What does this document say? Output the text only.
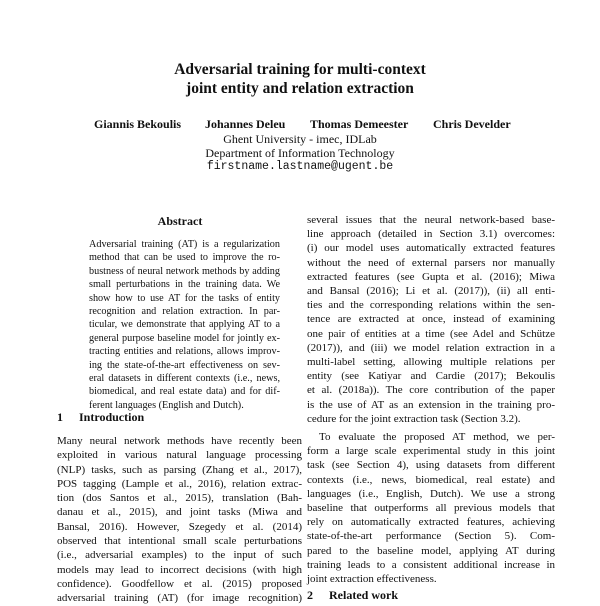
Adversarial training for multi-context
joint entity and relation extraction
Giannis Bekoulis Johannes Deleu Thomas Demeester Chris Develder
Ghent University - imec, IDLab
Department of Information Technology
firstname.lastname@ugent.be
Abstract
Adversarial training (AT) is a regularization
method that can be used to improve the ro-
bustness of neural network methods by adding
small perturbations in the training data. We
show how to use AT for the tasks of entity
recognition and relation extraction. In par-
ticular, we demonstrate that applying AT to a
general purpose baseline model for jointly ex-
tracting entities and relations, allows improv-
ing the state-of-the-art effectiveness on sev-
eral datasets in different contexts (i.e., news,
biomedical, and real estate data) and for dif-
ferent languages (English and Dutch).
1 Introduction
Many neural network methods have recently been
exploited in various natural language processing
(NLP) tasks, such as parsing (Zhang et al., 2017),
POS tagging (Lample et al., 2016), relation extrac-
tion (dos Santos et al., 2015), translation (Bah-
danau et al., 2015), and joint tasks (Miwa and
Bansal, 2016). However, Szegedy et al. (2014)
observed that intentional small scale perturbations
(i.e., adversarial examples) to the input of such
models may lead to incorrect decisions (with high
confidence). Goodfellow et al. (2015) proposed
adversarial training (AT) (for image recognition)
several issues that the neural network-based base-
line approach (detailed in Section 3.1) overcomes:
(i) our model uses automatically extracted features
without the need of external parsers nor manually
extracted features (see Gupta et al. (2016); Miwa
and Bansal (2016); Li et al. (2017)), (ii) all enti-
ties and the corresponding relations within the sen-
tence are extracted at once, instead of examining
one pair of entities at a time (see Adel and Schütze
(2017)), and (iii) we model relation extraction in a
multi-label setting, allowing multiple relations per
entity (see Katiyar and Cardie (2017); Bekoulis
et al. (2018a)). The core contribution of the paper
is the use of AT as an extension in the training pro-
cedure for the joint extraction task (Section 3.2).
To evaluate the proposed AT method, we per-
form a large scale experimental study in this joint
task (see Section 4), using datasets from different
contexts (i.e., news, biomedical, real estate) and
languages (i.e., English, Dutch). We use a strong
baseline that outperforms all previous models that
rely on automatically extracted features, achieving
state-of-the-art performance (Section 5). Com-
pared to the baseline model, applying AT during
training leads to a consistent additional increase in
joint extraction effectiveness.
2 Related work
